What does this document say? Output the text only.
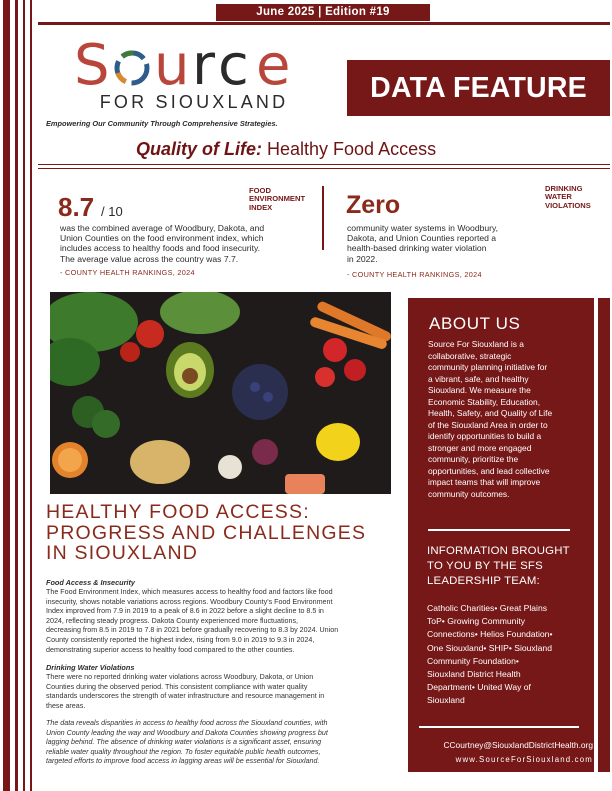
June 2025 | Edition #19
S u r c e
FOR SIOUXLAND
Empowering Our Community Through Comprehensive Strategies.
DATA FEATURE
Quality of Life: Healthy Food Access
8.7 / 10
FOOD
ENVIRONMENT
INDEX
was the combined average of Woodbury, Dakota, and
Union Counties on the food environment index, which
includes access to healthy foods and food insecurity.
The average value across the country was 7.7.
- COUNTY HEALTH RANKINGS, 2024
Zero
DRINKING
WATER
VIOLATIONS
community water systems in Woodbury,
Dakota, and Union Counties reported a
health-based drinking water violation
in 2022.
- COUNTY HEALTH RANKINGS, 2024
ABOUT US
Source For Siouxland is a
collaborative, strategic
community planning initiative for
a vibrant, safe, and healthy
Siouxland. We measure the
Economic Stability, Education,
Health, Safety, and Quality of Life
of the Siouxland Area in order to
identify opportunities to build a
stronger and more engaged
community, prioritize the
opportunities, and lead collective
impact teams that will improve
community outcomes.
INFORMATION BROUGHT
TO YOU BY THE SFS
LEADERSHIP TEAM:
Catholic Charities• Great Plains
ToP• Growing Community
Connections• Helios Foundation•
One Siouxland• SHIP• Siouxland
Community Foundation•
Siouxland District Health
Department• United Way of
Siouxland
CCourtney@SiouxlandDistrictHealth.org
www.SourceForSiouxland.com
HEALTHY FOOD ACCESS:
PROGRESS AND CHALLENGES
IN SIOUXLAND
Food Access & Insecurity
The Food Environment Index, which measures access to healthy food and factors like food
insecurity, shows notable variations across regions. Woodbury County's Food Environment
Index improved from 7.9 in 2019 to a peak of 8.6 in 2022 before a slight decline to 8.5 in
2024, reflecting steady progress. Dakota County experienced more fluctuations,
decreasing from 8.5 in 2019 to 7.8 in 2021 before gradually recovering to 8.3 by 2024. Union
County consistently reported the highest index, rising from 9.0 in 2019 to 9.3 in 2024,
demonstrating superior access to healthy food compared to the other counties.
Drinking Water Violations
There were no reported drinking water violations across Woodbury, Dakota, or Union
Counties during the observed period. This consistent compliance with water quality
standards underscores the strength of water infrastructure and resource management in
these areas.
The data reveals disparities in access to healthy food across the Siouxland counties, with
Union County leading the way and Woodbury and Dakota Counties showing progress but
lagging behind. The absence of drinking water violations is a significant asset, ensuring
reliable water quality throughout the region. To foster equitable public health outcomes,
targeted efforts to improve food access in lagging areas will be essential for Siouxland.
